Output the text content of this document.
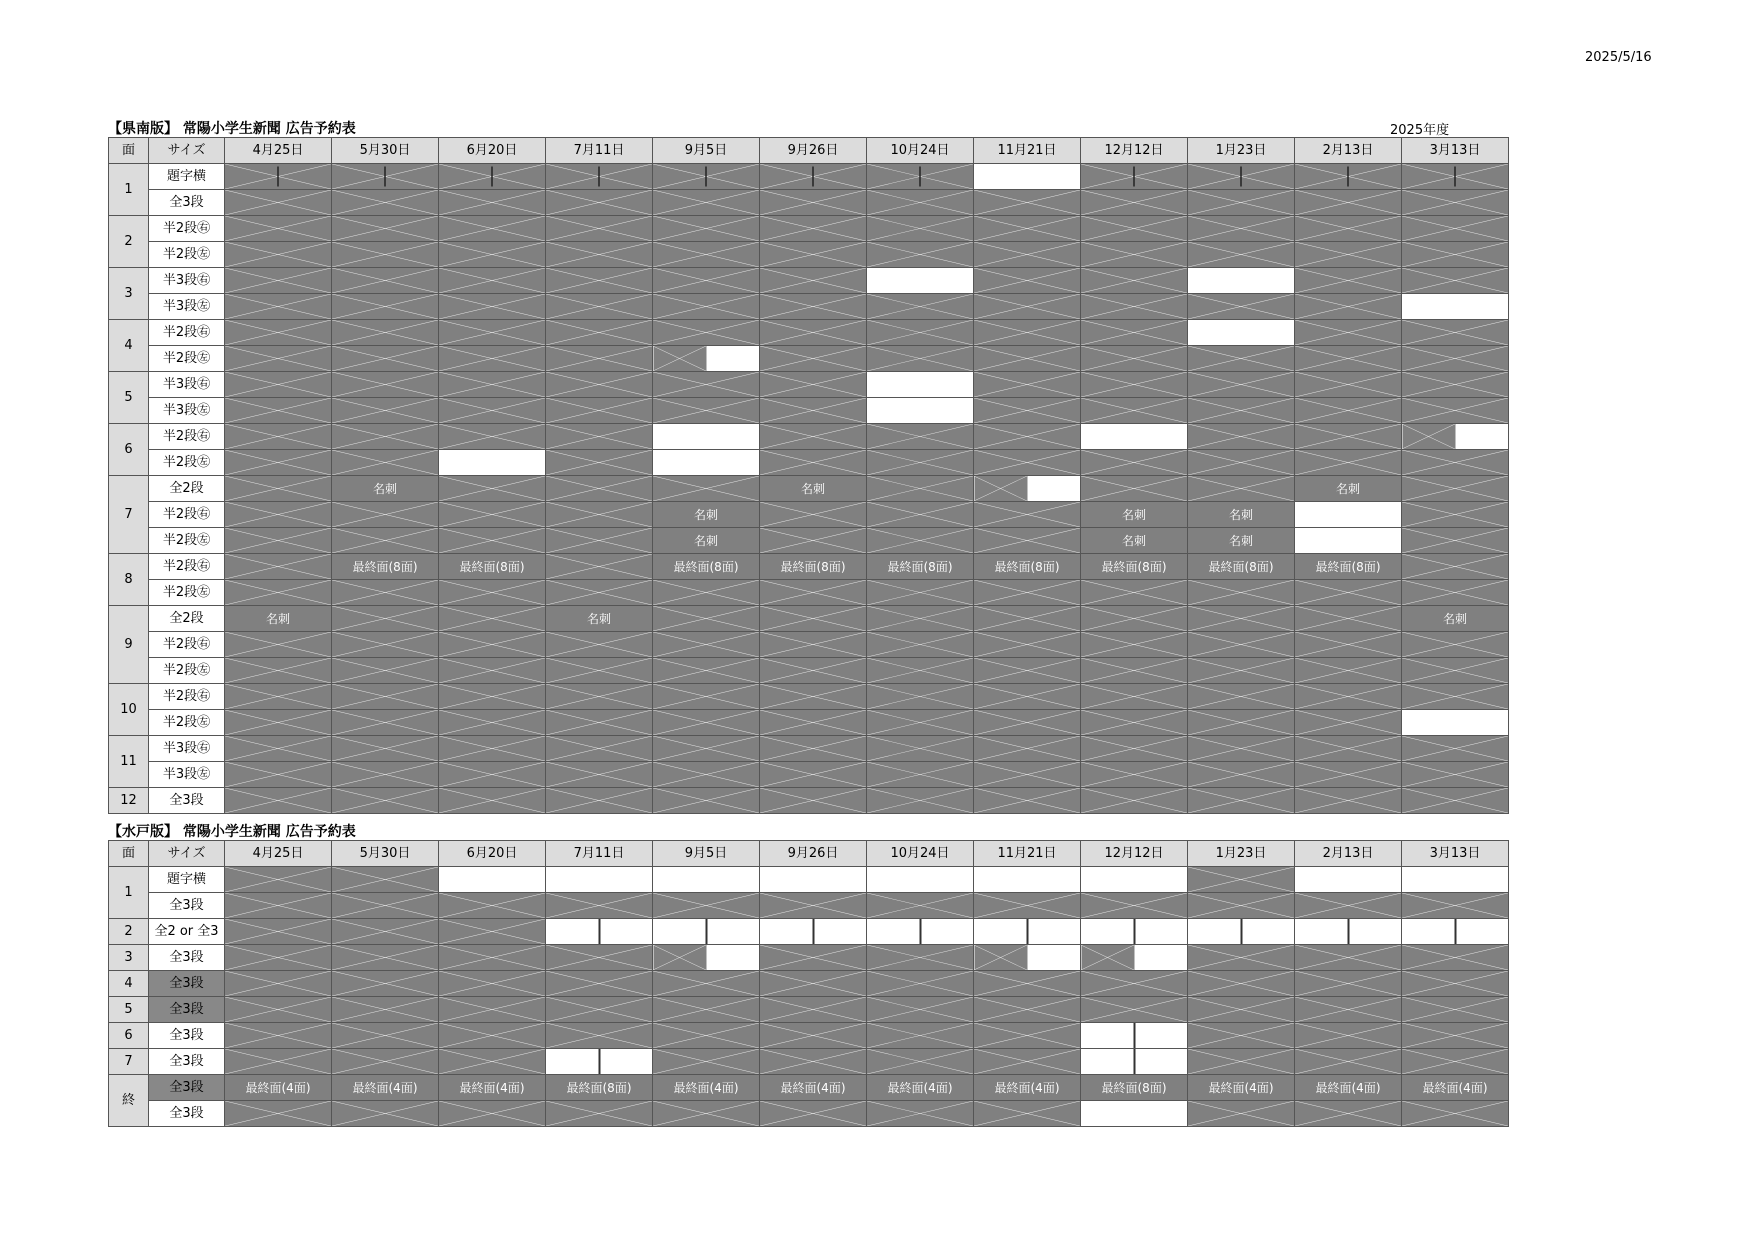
2025/5/16
【県南版】 常陽小学生新聞 広告予約表	2025年度
面	サイズ	4月25日	5月30日	6月20日	7月11日	9月5日	9月26日	10月24日	11月21日	12月12日	1月23日	2月13日	3月13日
1	題字横	

	全3段	

2	半2段㊨	

	半2段㊧	

3	半3段㊨	

	半3段㊧	

4	半2段㊨	

	半2段㊧	

5	半3段㊨	

	半3段㊧	

6	半2段㊨	

	半2段㊧	

7	全2段		名刺				名刺					名刺

	半2段㊨					名刺				名刺	名刺

	半2段㊧					名刺				名刺	名刺

8	半2段㊨		最終面(8面)	最終面(8面)		最終面(8面)	最終面(8面)	最終面(8面)	最終面(8面)	最終面(8面)	最終面(8面)	最終面(8面)

	半2段㊧	

9	全2段	名刺			名刺								名刺

	半2段㊨	

	半2段㊧	

10	半2段㊨	

	半2段㊧	

11	半3段㊨	

	半3段㊧	

12	全3段	

【水戸版】 常陽小学生新聞 広告予約表
面	サイズ	4月25日	5月30日	6月20日	7月11日	9月5日	9月26日	10月24日	11月21日	12月12日	1月23日	2月13日	3月13日
1	題字横	

	全3段	

2	全2 or 全3	

3	全3段	

4	全3段	

5	全3段	

6	全3段	

7	全3段	

終	全3段	最終面(4面)	最終面(4面)	最終面(4面)	最終面(8面)	最終面(4面)	最終面(4面)	最終面(4面)	最終面(4面)	最終面(8面)	最終面(4面)	最終面(4面)	最終面(4面)

	全3段	
